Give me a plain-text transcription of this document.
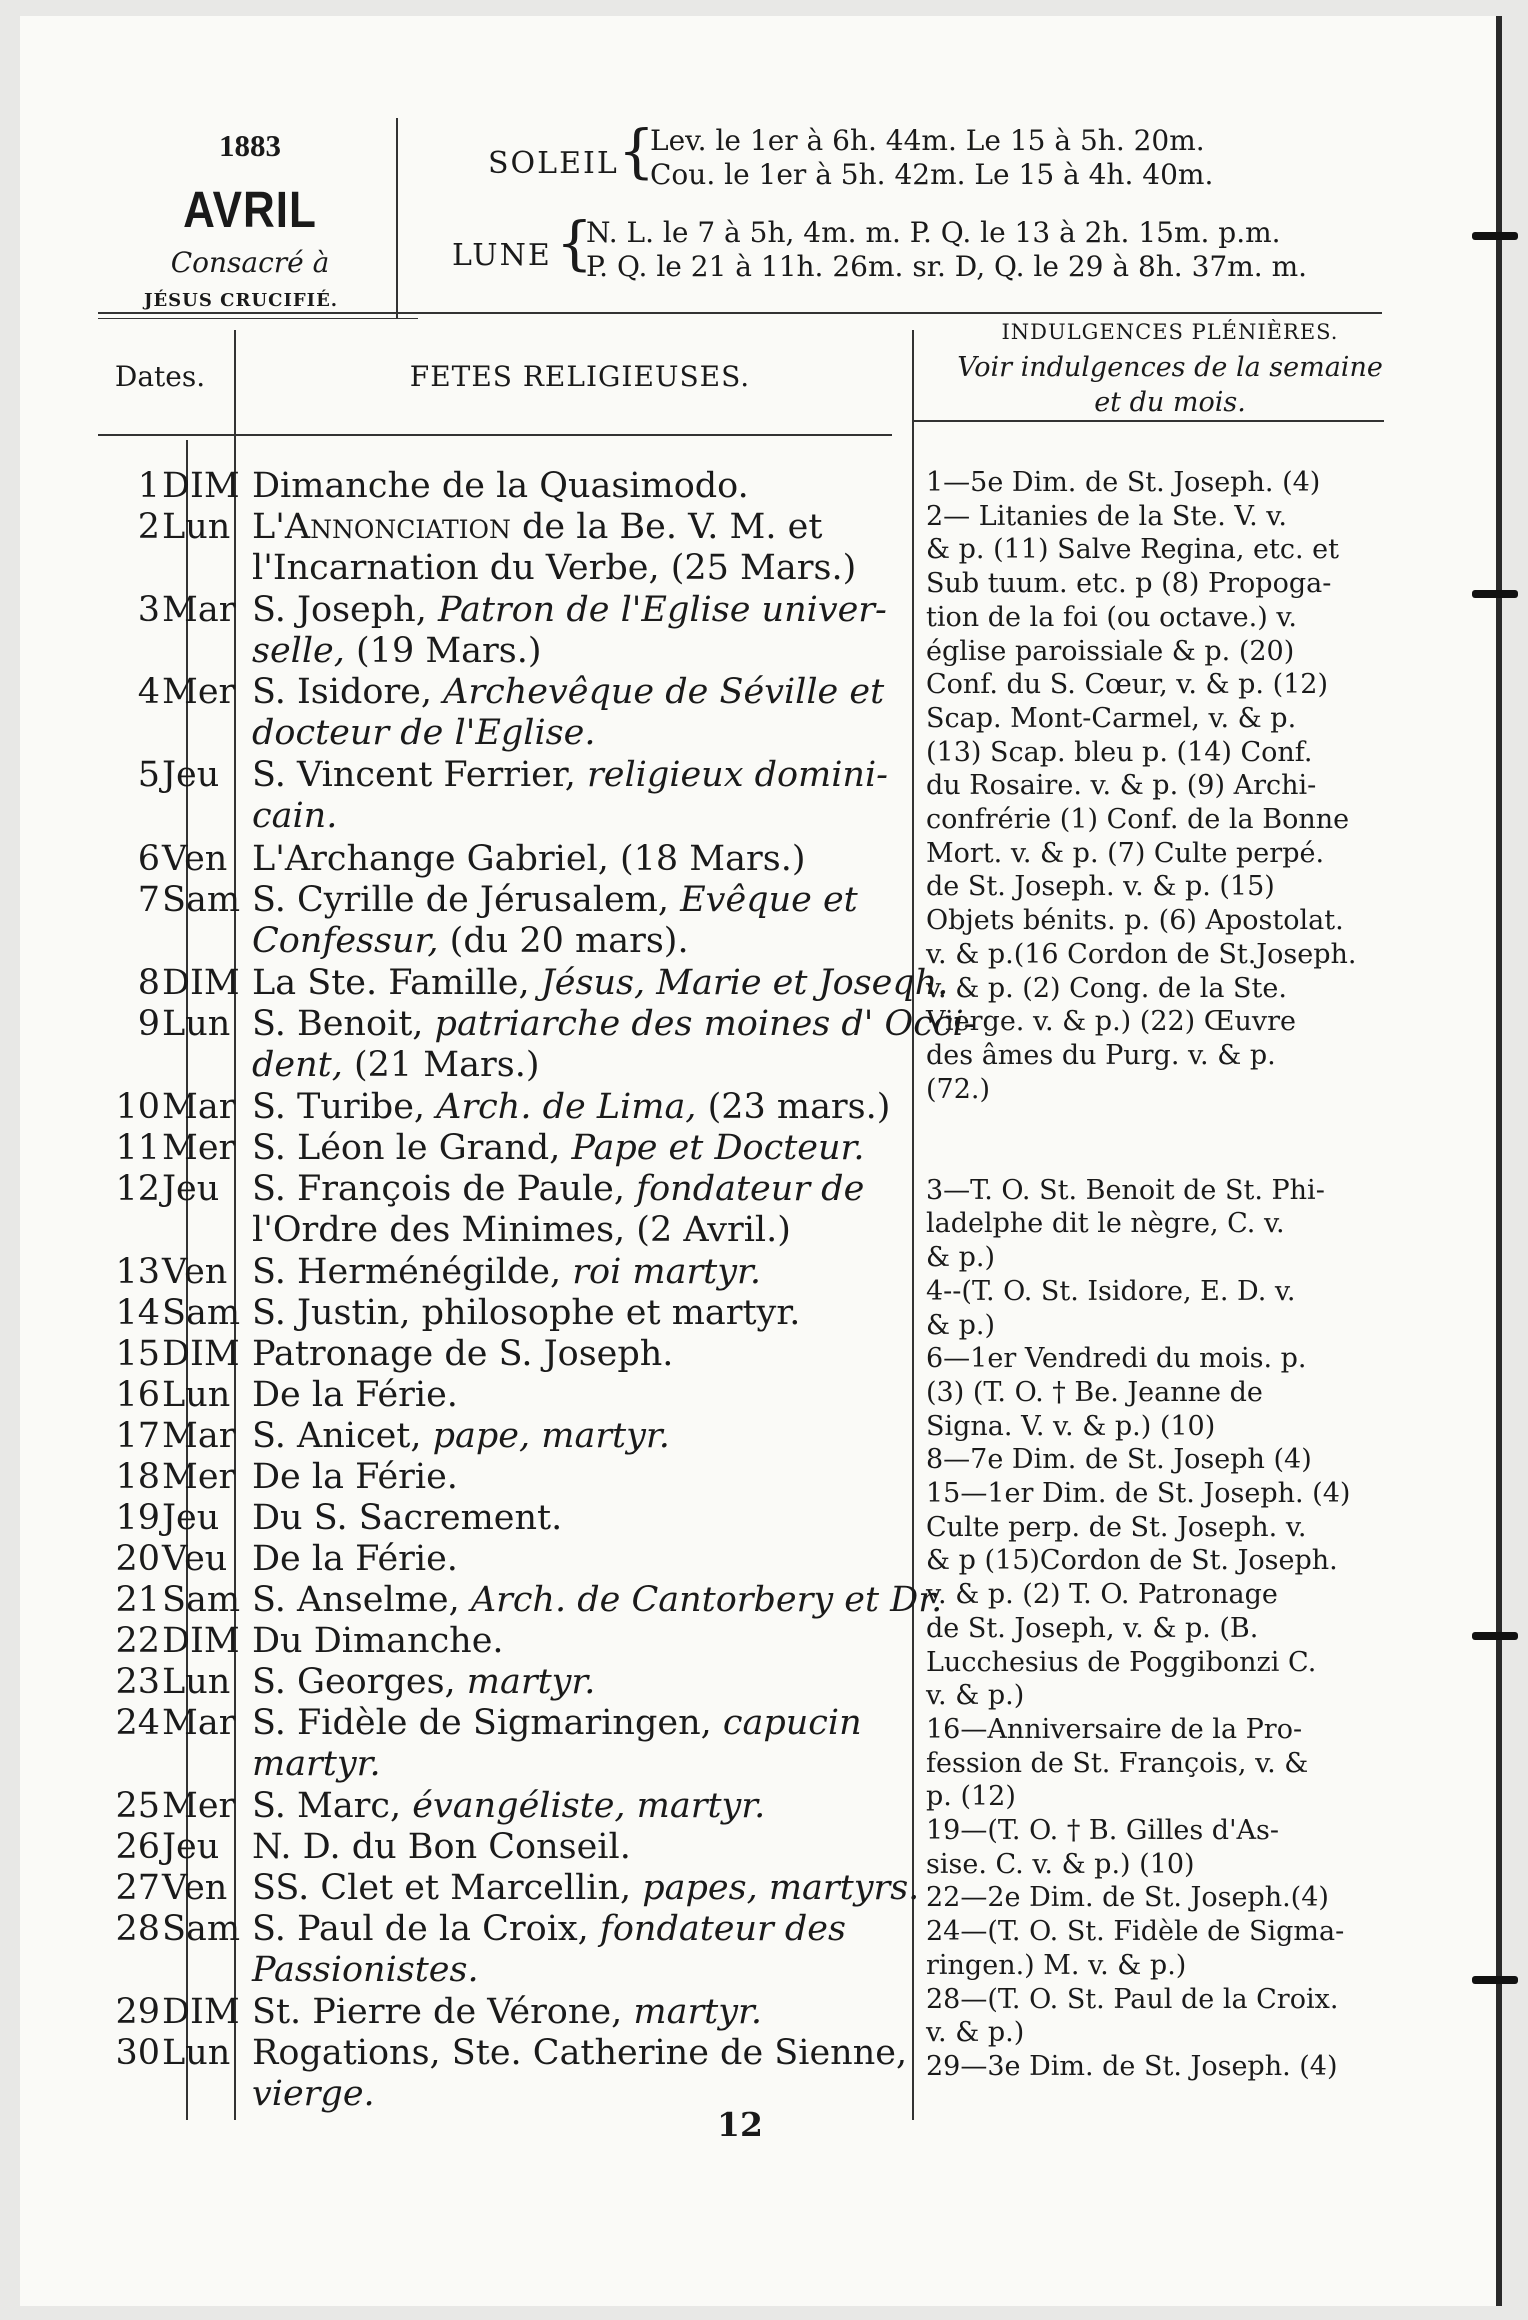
1883
AVRIL
Consacré à
JÉSUS CRUCIFIÉ.
SOLEIL {
Lev. le 1er à 6h. 44m. Le 15 à 5h. 20m.
Cou. le 1er à 5h. 42m. Le 15 à 4h. 40m.
LUNE {
N. L. le 7 à 5h, 4m. m. P. Q. le 13 à 2h. 15m. p.m.
P. Q. le 21 à 11h. 26m. sr. D, Q. le 29 à 8h. 37m. m.
Dates.	FETES RELIGIEUSES.
INDULGENCES PLÉNIÈRES.
Voir indulgences de la semaine
et du mois.
1 DIM Dimanche de la Quasimodo.
2 Lun L'Annonciation de la Be. V. M. et
l'Incarnation du Verbe, (25 Mars.)
3 Mar S. Joseph, Patron de l'Eglise univer-
selle, (19 Mars.)
4 Mer S. Isidore, Archevêque de Séville et
docteur de l'Eglise.
5 Jeu S. Vincent Ferrier, religieux domini-
cain.
6 Ven L'Archange Gabriel, (18 Mars.)
7 Sam S. Cyrille de Jérusalem, Evêque et
Confessur, (du 20 mars).
8 DIM La Ste. Famille, Jésus, Marie et Joseqh.
9 Lun S. Benoit, patriarche des moines d' Occi-
dent, (21 Mars.)
10 Mar S. Turibe, Arch. de Lima, (23 mars.)
11 Mer S. Léon le Grand, Pape et Docteur.
12 Jeu S. François de Paule, fondateur de
l'Ordre des Minimes, (2 Avril.)
13 Ven S. Herménégilde, roi martyr.
14 Sam S. Justin, philosophe et martyr.
15 DIM Patronage de S. Joseph.
16 Lun De la Férie.
17 Mar S. Anicet, pape, martyr.
18 Mer De la Férie.
19 Jeu Du S. Sacrement.
20 Veu De la Férie.
21 Sam S. Anselme, Arch. de Cantorbery et Dr.
22 DIM Du Dimanche.
23 Lun S. Georges, martyr.
24 Mar S. Fidèle de Sigmaringen, capucin
martyr.
25 Mer S. Marc, évangéliste, martyr.
26 Jeu N. D. du Bon Conseil.
27 Ven SS. Clet et Marcellin, papes, martyrs.
28 Sam S. Paul de la Croix, fondateur des
Passionistes.
29 DIM St. Pierre de Vérone, martyr.
30 Lun Rogations, Ste. Catherine de Sienne,
vierge.
1—5e Dim. de St. Joseph. (4)
2— Litanies de la Ste. V. v.
& p. (11) Salve Regina, etc. et
Sub tuum. etc. p (8) Propoga-
tion de la foi (ou octave.) v.
église paroissiale & p. (20)
Conf. du S. Cœur, v. & p. (12)
Scap. Mont-Carmel, v. & p.
(13) Scap. bleu p. (14) Conf.
du Rosaire. v. & p. (9) Archi-
confrérie (1) Conf. de la Bonne
Mort. v. & p. (7) Culte perpé.
de St. Joseph. v. & p. (15)
Objets bénits. p. (6) Apostolat.
v. & p.(16 Cordon de St.Joseph.
v. & p. (2) Cong. de la Ste.
Vierge. v. & p.) (22) Œuvre
des âmes du Purg. v. & p.
(72.)
3—T. O. St. Benoit de St. Phi-
ladelphe dit le nègre, C. v.
& p.)
4--(T. O. St. Isidore, E. D. v.
& p.)
6—1er Vendredi du mois. p.
(3) (T. O. † Be. Jeanne de
Signa. V. v. & p.) (10)
8—7e Dim. de St. Joseph (4)
15—1er Dim. de St. Joseph. (4)
Culte perp. de St. Joseph. v.
& p (15)Cordon de St. Joseph.
v. & p. (2) T. O. Patronage
de St. Joseph, v. & p. (B.
Lucchesius de Poggibonzi C.
v. & p.)
16—Anniversaire de la Pro-
fession de St. François, v. &
p. (12)
19—(T. O. † B. Gilles d'As-
sise. C. v. & p.) (10)
22—2e Dim. de St. Joseph.(4)
24—(T. O. St. Fidèle de Sigma-
ringen.) M. v. & p.)
28—(T. O. St. Paul de la Croix.
v. & p.)
29—3e Dim. de St. Joseph. (4)
12
